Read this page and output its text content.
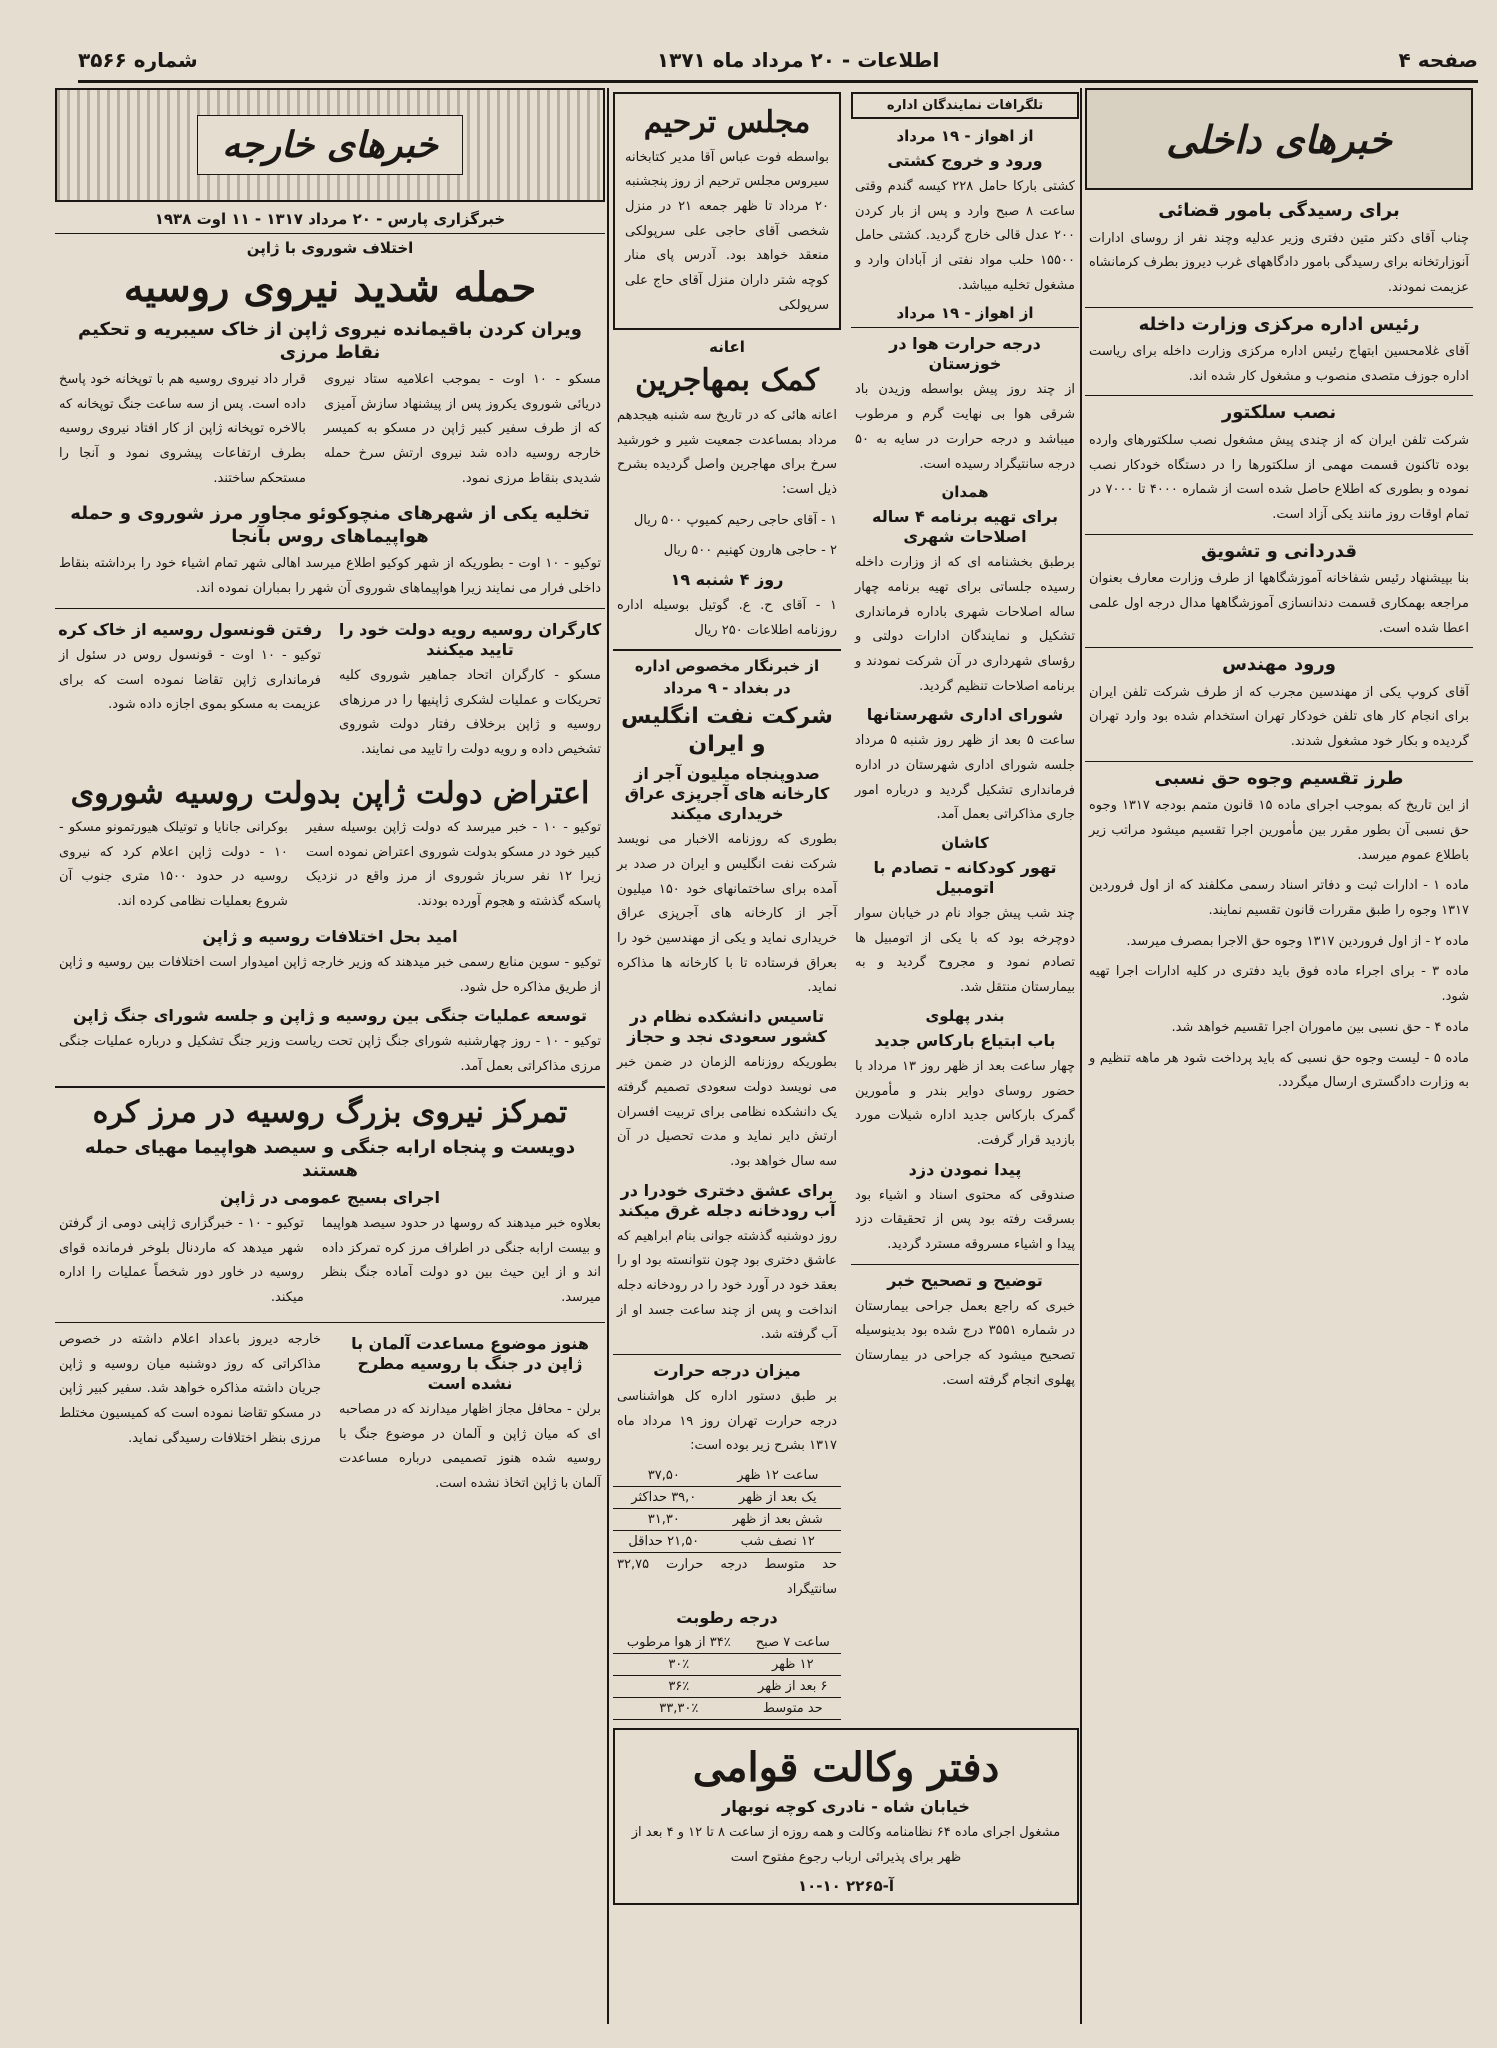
صفحه ۴
اطلاعات - ۲۰ مرداد ماه ۱۳۷۱
شماره ۳۵۶۶
خبرهای داخلی
برای رسیدگی بامور قضائی

چناب آقای دکتر متین دفتری وزیر عدلیه وچند نفر از روسای ادارات آنوزارتخانه برای رسیدگی بامور دادگاههای غرب دیروز بطرف کرمانشاه عزیمت نمودند.

رئیس اداره مرکزی وزارت داخله

آقای غلامحسین ابتهاج رئیس اداره مرکزی وزارت داخله برای ریاست اداره جوزف متصدی منصوب و مشغول کار شده اند.

نصب سلکتور

شرکت تلفن ایران که از چندی پیش مشغول نصب سلکتورهای وارده بوده تاکنون قسمت مهمی از سلکتورها را در دستگاه خودکار نصب نموده و بطوری که اطلاع حاصل شده است از شماره ۴۰۰۰ تا ۷۰۰۰ در تمام اوقات روز مانند یکی آزاد است.

قدردانی و تشویق

بنا بپیشنهاد رئیس شفاخانه آموزشگاهها از طرف وزارت معارف بعنوان مراجعه بهمکاری قسمت دندانسازی آموزشگاهها مدال درجه اول علمی اعطا شده است.

ورود مهندس

آقای کروپ یکی از مهندسین مجرب که از طرف شرکت تلفن ایران برای انجام کار های تلفن خودکار تهران استخدام شده بود وارد تهران گردیده و بکار خود مشغول شدند.

طرز تقسیم وجوه حق نسبی

از این تاریخ که بموجب اجرای ماده ۱۵ قانون متمم بودجه ۱۳۱۷ وجوه حق نسبی آن بطور مقرر بین مأمورین اجرا تقسیم میشود مراتب زیر باطلاع عموم میرسد.

ماده ۱ - ادارات ثبت و دفاتر اسناد رسمی مکلفند که از اول فروردین ۱۳۱۷ وجوه را طبق مقررات قانون تقسیم نمایند.

ماده ۲ - از اول فروردین ۱۳۱۷ وجوه حق الاجرا بمصرف میرسد.

ماده ۳ - برای اجراء ماده فوق باید دفتری در کلیه ادارات اجرا تهیه شود.

ماده ۴ - حق نسبی بین ماموران اجرا تقسیم خواهد شد.

ماده ۵ - لیست وجوه حق نسبی که باید پرداخت شود هر ماهه تنظیم و به وزارت دادگستری ارسال میگردد.

تلگرافات نمایندگان اداره
از اهواز - ۱۹ مرداد
ورود و خروج کشتی

کشتی بارکا حامل ۲۲۸ کیسه گندم وقتی ساعت ۸ صبح وارد و پس از بار کردن ۲۰۰ عدل قالی خارج گردید. کشتی حامل ۱۵۵۰۰ حلب مواد نفتی از آبادان وارد و مشغول تخلیه میباشد.

از اهواز - ۱۹ مرداد
درجه حرارت هوا در خوزستان

از چند روز پیش بواسطه وزیدن باد شرقی هوا بی نهایت گرم و مرطوب میباشد و درجه حرارت در سایه به ۵۰ درجه سانتیگراد رسیده است.

همدان
برای تهیه برنامه ۴ ساله اصلاحات شهری

برطبق بخشنامه ای که از وزارت داخله رسیده جلساتی برای تهیه برنامه چهار ساله اصلاحات شهری باداره فرمانداری تشکیل و نمایندگان ادارات دولتی و رؤسای شهرداری در آن شرکت نمودند و برنامه اصلاحات تنظیم گردید.

شورای اداری شهرستانها

ساعت ۵ بعد از ظهر روز شنبه ۵ مرداد جلسه شورای اداری شهرستان در اداره فرمانداری تشکیل گردید و درباره امور جاری مذاکراتی بعمل آمد.

کاشان
تهور کودکانه - تصادم با اتومبیل

چند شب پیش جواد نام در خیابان سوار دوچرخه بود که با یکی از اتومبیل ها تصادم نمود و مجروح گردید و به بیمارستان منتقل شد.

بندر پهلوی
باب ابتیاع بارکاس جدید

چهار ساعت بعد از ظهر روز ۱۳ مرداد با حضور روسای دوایر بندر و مأمورین گمرک بارکاس جدید اداره شیلات مورد بازدید قرار گرفت.

پیدا نمودن دزد

صندوقی که محتوی اسناد و اشیاء بود بسرقت رفته بود پس از تحقیقات دزد پیدا و اشیاء مسروقه مسترد گردید.

توضیح و تصحیح خبر

خبری که راجع بعمل جراحی بیمارستان در شماره ۳۵۵۱ درج شده بود بدینوسیله تصحیح میشود که جراحی در بیمارستان پهلوی انجام گرفته است.

مجلس ترحیم

بواسطه فوت عباس آقا مدیر کتابخانه سیروس مجلس ترحیم از روز پنجشنبه ۲۰ مرداد تا ظهر جمعه ۲۱ در منزل شخصی آقای حاجی علی سرپولکی منعقد خواهد بود. آدرس پای منار کوچه شتر داران منزل آقای حاج علی سرپولکی

اعانه
کمک بمهاجرین

اعانه هائی که در تاریخ سه شنبه هیجدهم مرداد بمساعدت جمعیت شیر و خورشید سرخ برای مهاجرین واصل گردیده بشرح ذیل است:

۱ - آقای حاجی رحیم کمیوپ ۵۰۰ ریال

۲ - حاجی هارون کهنیم ۵۰۰ ریال

روز ۴ شنبه ۱۹

۱ - آقای ح. ع. گوتیل بوسیله اداره روزنامه اطلاعات ۲۵۰ ریال

از خبرنگار مخصوص اداره
در بغداد - ۹ مرداد
شرکت نفت انگلیس و ایران
صدوپنجاه میلیون آجر از کارخانه های آجرپزی عراق خریداری میکند

بطوری که روزنامه الاخبار می نویسد شرکت نفت انگلیس و ایران در صدد بر آمده برای ساختمانهای خود ۱۵۰ میلیون آجر از کارخانه های آجرپزی عراق خریداری نماید و یکی از مهندسین خود را بعراق فرستاده تا با کارخانه ها مذاکره نماید.

تاسیس دانشکده نظام در کشور سعودی نجد و حجاز

بطوریکه روزنامه الزمان در ضمن خبر می نویسد دولت سعودی تصمیم گرفته یک دانشکده نظامی برای تربیت افسران ارتش دایر نماید و مدت تحصیل در آن سه سال خواهد بود.

برای عشق دختری خودرا در آب رودخانه دجله غرق میکند

روز دوشنبه گذشته جوانی بنام ابراهیم که عاشق دختری بود چون نتوانسته بود او را بعقد خود در آورد خود را در رودخانه دجله انداخت و پس از چند ساعت جسد او از آب گرفته شد.

میزان درجه حرارت

بر طبق دستور اداره کل هواشناسی درجه حرارت تهران روز ۱۹ مرداد ماه ۱۳۱۷ بشرح زیر بوده است:

ساعت ۱۲ ظهر	۳۷,۵۰
یک بعد از ظهر	۳۹,۰ حداکثر
شش بعد از ظهر	۳۱,۳۰
۱۲ نصف شب	۲۱,۵۰ حداقل

حد متوسط درجه حرارت ۳۲,۷۵ سانتیگراد

درجه رطوبت
ساعت ۷ صبح	۳۴٪ از هوا مرطوب
۱۲ ظهر	۳۰٪
۶ بعد از ظهر	۳۶٪
حد متوسط	۳۳,۳۰٪
دفتر وکالت قوامی
خیابان شاه - نادری کوچه نوبهار

مشغول اجرای ماده ۶۴ نظامنامه وکالت و همه روزه از ساعت ۸ تا ۱۲ و ۴ بعد از ظهر برای پذیرائی ارباب رجوع مفتوح است

آ-۲۲۶۵ ۱۰-۱۰
خبرهای خارجه
خبرگزاری پارس - ۲۰ مرداد ۱۳۱۷ - ۱۱ اوت ۱۹۳۸
اختلاف شوروی با ژاپن
حمله شدید نیروی روسیه
ویران کردن باقیمانده نیروی ژاپن از خاک سیبریه و تحکیم نقاط مرزی

مسکو - ۱۰ اوت - بموجب اعلامیه ستاد نیروی دریائی شوروی یکروز پس از پیشنهاد سازش آمیزی که از طرف سفیر کبیر ژاپن در مسکو به کمیسر خارجه روسیه داده شد نیروی ارتش سرخ حمله شدیدی بنقاط مرزی نمود.

قرار داد نیروی روسیه هم با توپخانه خود پاسخ داده است. پس از سه ساعت جنگ توپخانه که بالاخره توپخانه ژاپن از کار افتاد نیروی روسیه بطرف ارتفاعات پیشروی نمود و آنجا را مستحکم ساختند.

تخلیه یکی از شهرهای منچوکوئو مجاور مرز شوروی و حمله هواپیماهای روس بآنجا

توکیو - ۱۰ اوت - بطوریکه از شهر کوکیو اطلاع میرسد اهالی شهر تمام اشیاء خود را برداشته بنقاط داخلی فرار می نمایند زیرا هواپیماهای شوروی آن شهر را بمباران نموده اند.

کارگران روسیه رویه دولت خود را تایید میکنند

مسکو - کارگران اتحاد جماهیر شوروی کلیه تحریکات و عملیات لشکری ژاپنیها را در مرزهای روسیه و ژاپن برخلاف رفتار دولت شوروی تشخیص داده و رویه دولت را تایید می نمایند.

رفتن قونسول روسیه از خاک کره

توکیو - ۱۰ اوت - قونسول روس در سئول از فرمانداری ژاپن تقاضا نموده است که برای عزیمت به مسکو بموی اجازه داده شود.

اعتراض دولت ژاپن بدولت روسیه شوروی

توکیو - ۱۰ - خبر میرسد که دولت ژاپن بوسیله سفیر کبیر خود در مسکو بدولت شوروی اعتراض نموده است زیرا ۱۲ نفر سرباز شوروی از مرز واقع در نزدیک پاسکه گذشته و هجوم آورده بودند.

بوکرانی جانایا و توتیلک هیورتمونو مسکو - ۱۰ - دولت ژاپن اعلام کرد که نیروی روسیه در حدود ۱۵۰۰ متری جنوب آن شروع بعملیات نظامی کرده اند.

امید بحل اختلافات روسیه و ژاپن

توکیو - سوین منابع رسمی خبر میدهند که وزیر خارجه ژاپن امیدوار است اختلافات بین روسیه و ژاپن از طریق مذاکره حل شود.

توسعه عملیات جنگی بین روسیه و ژاپن و جلسه شورای جنگ ژاپن

توکیو - ۱۰ - روز چهارشنبه شورای جنگ ژاپن تحت ریاست وزیر جنگ تشکیل و درباره عملیات جنگی مرزی مذاکراتی بعمل آمد.

تمرکز نیروی بزرگ روسیه در مرز کره
دویست و پنجاه ارابه جنگی و سیصد هواپیما مهیای حمله هستند
اجرای بسیج عمومی در ژاپن

بعلاوه خبر میدهند که روسها در حدود سیصد هواپیما و بیست ارابه جنگی در اطراف مرز کره تمرکز داده اند و از این حیث بین دو دولت آماده جنگ بنظر میرسد.

توکیو - ۱۰ - خبرگزاری ژاپنی دومی از گرفتن شهر میدهد که ماردنال بلوخر فرمانده قوای روسیه در خاور دور شخصاً عملیات را اداره میکند.

هنوز موضوع مساعدت آلمان با ژاپن در جنگ با روسیه مطرح نشده است

برلن - محافل مجاز اظهار میدارند که در مصاحبه ای که میان ژاپن و آلمان در موضوع جنگ با روسیه شده هنوز تصمیمی درباره مساعدت آلمان با ژاپن اتخاذ نشده است.

خارجه دیروز باعداد اعلام داشته در خصوص مذاکراتی که روز دوشنبه میان روسیه و ژاپن جریان داشته مذاکره خواهد شد. سفیر کبیر ژاپن در مسکو تقاضا نموده است که کمیسیون مختلط مرزی بنظر اختلافات رسیدگی نماید.
